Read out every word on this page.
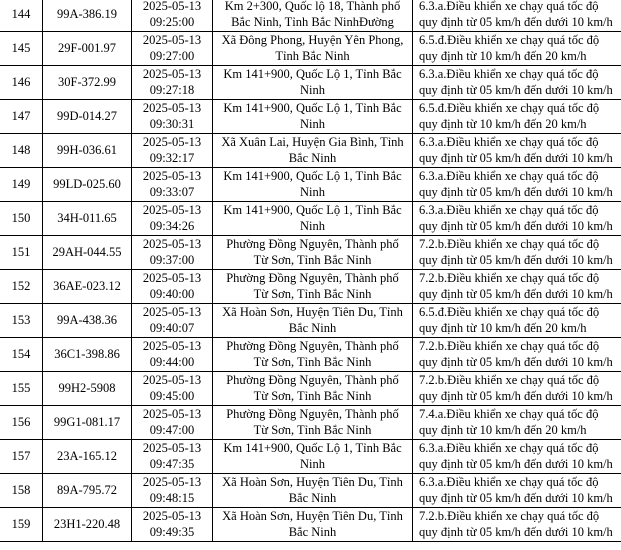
144	99A-386.19	2025-05-13
09:25:00	Km 2+300, Quốc lộ 18, Thành phố
Bắc Ninh, Tỉnh Bắc NinhĐường	6.3.a.Điều khiển xe chạy quá tốc độ
quy định từ 05 km/h đến dưới 10 km/h

145	29F-001.97	2025-05-13
09:27:00	Xã Đông Phong, Huyện Yên Phong,
Tỉnh Bắc Ninh	6.5.đ.Điều khiển xe chạy quá tốc độ
quy định từ 10 km/h đến 20 km/h

146	30F-372.99	2025-05-13
09:27:18	Km 141+900, Quốc Lộ 1, Tỉnh Bắc
Ninh	6.3.a.Điều khiển xe chạy quá tốc độ
quy định từ 05 km/h đến dưới 10 km/h

147	99D-014.27	2025-05-13
09:30:31	Km 141+900, Quốc Lộ 1, Tỉnh Bắc
Ninh	6.5.đ.Điều khiển xe chạy quá tốc độ
quy định từ 10 km/h đến 20 km/h

148	99H-036.61	2025-05-13
09:32:17	Xã Xuân Lai, Huyện Gia Bình, Tỉnh
Bắc Ninh	6.3.a.Điều khiển xe chạy quá tốc độ
quy định từ 05 km/h đến dưới 10 km/h

149	99LD-025.60	2025-05-13
09:33:07	Km 141+900, Quốc Lộ 1, Tỉnh Bắc
Ninh	6.3.a.Điều khiển xe chạy quá tốc độ
quy định từ 05 km/h đến dưới 10 km/h

150	34H-011.65	2025-05-13
09:34:26	Km 141+900, Quốc Lộ 1, Tỉnh Bắc
Ninh	6.3.a.Điều khiển xe chạy quá tốc độ
quy định từ 05 km/h đến dưới 10 km/h

151	29AH-044.55	2025-05-13
09:37:00	Phường Đồng Nguyên, Thành phố
Từ Sơn, Tỉnh Bắc Ninh	7.2.b.Điều khiển xe chạy quá tốc độ
quy định từ 05 km/h đến dưới 10 km/h

152	36AE-023.12	2025-05-13
09:40:00	Phường Đồng Nguyên, Thành phố
Từ Sơn, Tỉnh Bắc Ninh	7.2.b.Điều khiển xe chạy quá tốc độ
quy định từ 05 km/h đến dưới 10 km/h

153	99A-438.36	2025-05-13
09:40:07	Xã Hoàn Sơn, Huyện Tiên Du, Tỉnh
Bắc Ninh	6.5.đ.Điều khiển xe chạy quá tốc độ
quy định từ 10 km/h đến 20 km/h

154	36C1-398.86	2025-05-13
09:44:00	Phường Đồng Nguyên, Thành phố
Từ Sơn, Tỉnh Bắc Ninh	7.2.b.Điều khiển xe chạy quá tốc độ
quy định từ 05 km/h đến dưới 10 km/h

155	99H2-5908	2025-05-13
09:45:00	Phường Đồng Nguyên, Thành phố
Từ Sơn, Tỉnh Bắc Ninh	7.2.b.Điều khiển xe chạy quá tốc độ
quy định từ 05 km/h đến dưới 10 km/h

156	99G1-081.17	2025-05-13
09:47:00	Phường Đồng Nguyên, Thành phố
Từ Sơn, Tỉnh Bắc Ninh	7.4.a.Điều khiển xe chạy quá tốc độ
quy định từ 10 km/h đến 20 km/h

157	23A-165.12	2025-05-13
09:47:35	Km 141+900, Quốc Lộ 1, Tỉnh Bắc
Ninh	6.3.a.Điều khiển xe chạy quá tốc độ
quy định từ 05 km/h đến dưới 10 km/h

158	89A-795.72	2025-05-13
09:48:15	Xã Hoàn Sơn, Huyện Tiên Du, Tỉnh
Bắc Ninh	6.3.a.Điều khiển xe chạy quá tốc độ
quy định từ 05 km/h đến dưới 10 km/h

159	23H1-220.48	2025-05-13
09:49:35	Xã Hoàn Sơn, Huyện Tiên Du, Tỉnh
Bắc Ninh	7.2.b.Điều khiển xe chạy quá tốc độ
quy định từ 05 km/h đến dưới 10 km/h
